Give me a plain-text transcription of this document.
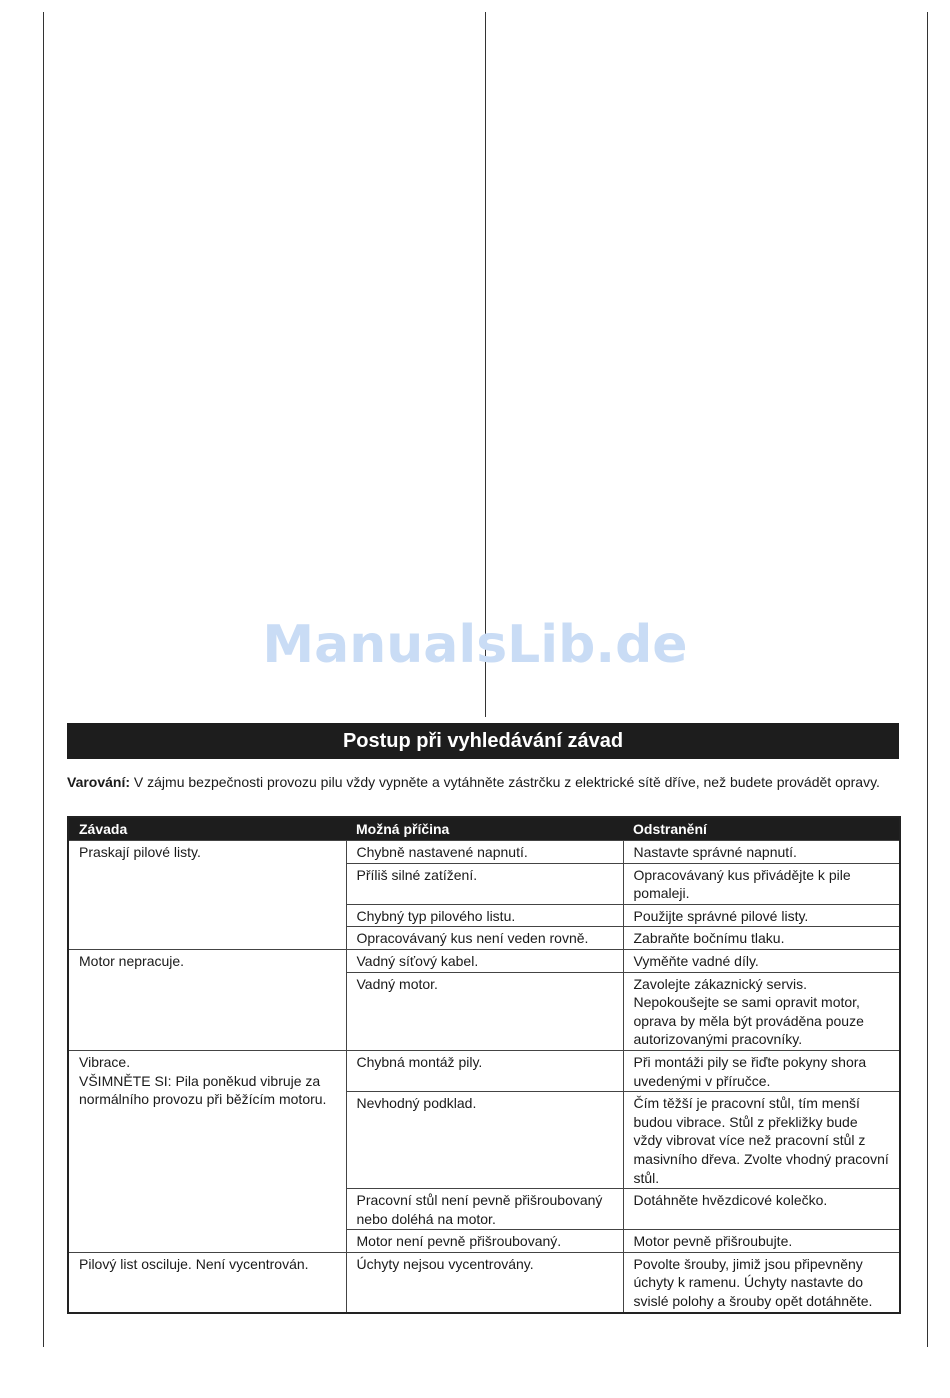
ManualsLib.de
Postup při vyhledávání závad
Varování: V zájmu bezpečnosti provozu pilu vždy vypněte a vytáhněte zástrčku z elektrické sítě dříve, než budete provádět opravy.
Závada	Možná příčina	Odstranění
Praskají pilové listy.	Chybně nastavené napnutí.	Nastavte správné napnutí.
	Příliš silné zatížení.	Opracovávaný kus přivádějte k pile pomaleji.
	Chybný typ pilového listu.	Použijte správné pilové listy.
	Opracovávaný kus není veden rovně.	Zabraňte bočnímu tlaku.
Motor nepracuje.	Vadný síťový kabel.	Vyměňte vadné díly.
	Vadný motor.	Zavolejte zákaznický servis. Nepokoušejte se sami opravit motor, oprava by měla být prováděna pouze autorizovanými pracovníky.
Vibrace.
VŠIMNĚTE SI: Pila poněkud vibruje za normálního provozu při běžícím motoru.	Chybná montáž pily.	Při montáži pily se řiďte pokyny shora uvedenými v příručce.
	Nevhodný podklad.	Čím těžší je pracovní stůl, tím menší budou vibrace. Stůl z překližky bude vždy vibrovat více než pracovní stůl z masivního dřeva. Zvolte vhodný pracovní stůl.
	Pracovní stůl není pevně přišroubovaný nebo doléhá na motor.	Dotáhněte hvězdicové kolečko.
	Motor není pevně přišroubovaný.	Motor pevně přišroubujte.
Pilový list osciluje. Není vycentrován.	Úchyty nejsou vycentrovány.	Povolte šrouby, jimiž jsou připevněny úchyty k ramenu. Úchyty nastavte do svislé polohy a šrouby opět dotáhněte.
